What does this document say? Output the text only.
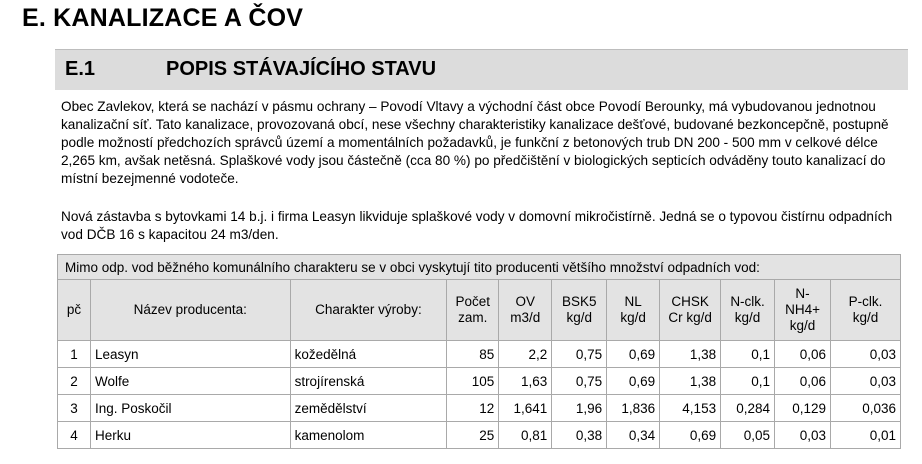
E. KANALIZACE A ČOV
E.1	POPIS STÁVAJÍCÍHO STAVU

Obec Zavlekov, která se nachází v pásmu ochrany – Povodí Vltavy a východní část obce Povodí Berounky, má vybudovanou jednotnou kanalizační síť. Tato kanalizace, provozovaná obcí, nese všechny charakteristiky kanalizace dešťové, budované bezkoncepčně, postupně podle možností předchozích správců území a momentálních požadavků, je funkční z betonových trub DN 200 - 500 mm v celkové délce 2,265 km, avšak netěsná. Splaškové vody jsou částečně (cca 80 %) po předčištění v biologických septicích odváděny touto kanalizací do místní bezejmenné vodoteče.

Nová zástavba s bytovkami 14 b.j. i firma Leasyn likviduje splaškové vody v domovní mikročistírně. Jedná se o typovou čistírnu odpadních vod DČB 16 s kapacitou 24 m3/den.

Mimo odp. vod běžného komunálního charakteru se v obci vyskytují tito producenti většího množství odpadních vod:										
pč	Název producenta:	Charakter výroby:	Počet zam.	OV m3/d	BSK5 kg/d	NL kg/d	CHSK Cr kg/d	N-clk. kg/d	N-NH4+ kg/d	P-clk. kg/d
1	Leasyn	kožedělná	85	2,2	0,75	0,69	1,38	0,1	0,06	0,03
2	Wolfe	strojírenská	105	1,63	0,75	0,69	1,38	0,1	0,06	0,03
3	Ing. Poskočil	zemědělství	12	1,641	1,96	1,836	4,153	0,284	0,129	0,036
4	Herku	kamenolom	25	0,81	0,38	0,34	0,69	0,05	0,03	0,01
